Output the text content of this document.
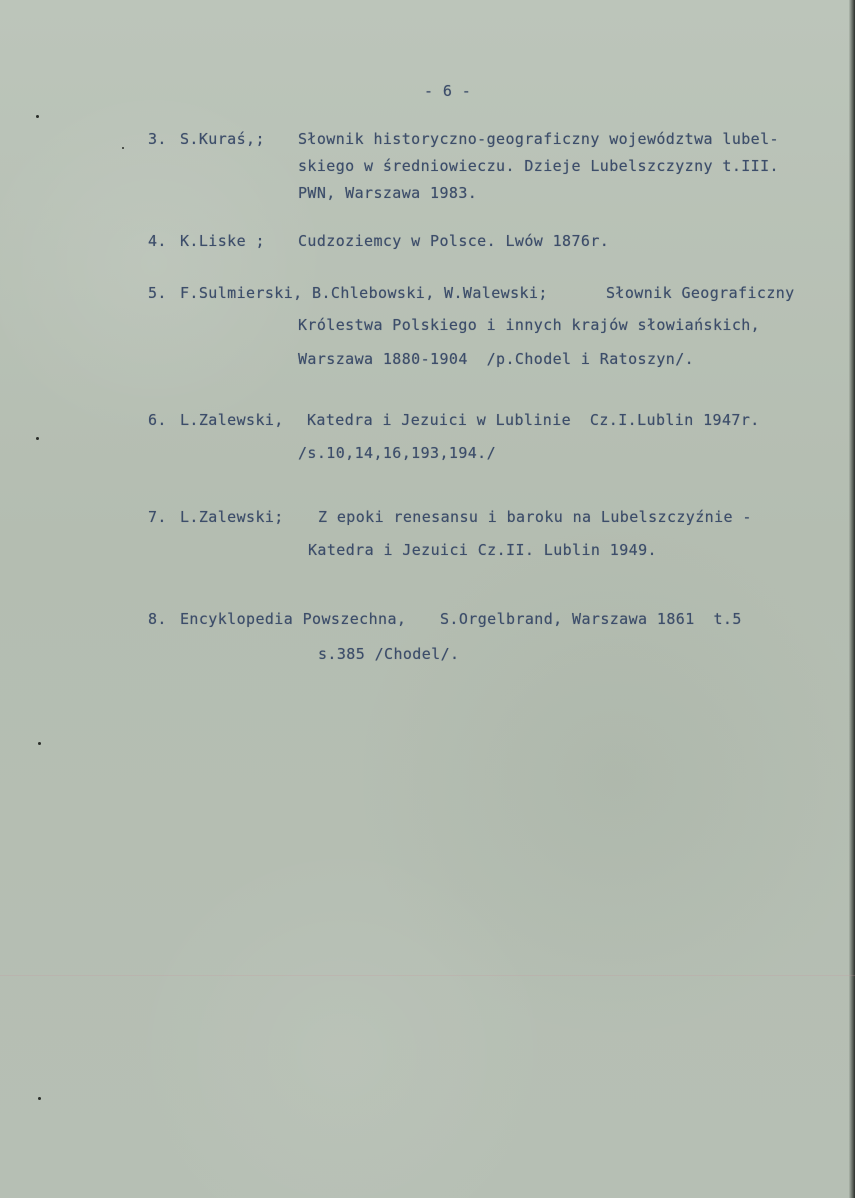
- 6 -
3. S.Kuraś,; Słownik historyczno-geograficzny województwa lubel-
skiego w średniowieczu. Dzieje Lubelszczyzny t.III.
PWN, Warszawa 1983.
4. K.Liske ; Cudzoziemcy w Polsce. Lwów 1876r.
5. F.Sulmierski, B.Chlebowski, W.Walewski;	Słownik Geograficzny
Królestwa Polskiego i innych krajów słowiańskich,
Warszawa 1880-1904  /p.Chodel i Ratoszyn/.
6. L.Zalewski, Katedra i Jezuici w Lublinie  Cz.I.Lublin 1947r.
/s.10,14,16,193,194./
7. L.Zalewski; Z epoki renesansu i baroku na Lubelszczyźnie -
Katedra i Jezuici Cz.II. Lublin 1949.
8. Encyklopedia Powszechna, S.Orgelbrand, Warszawa 1861  t.5
s.385 /Chodel/.
